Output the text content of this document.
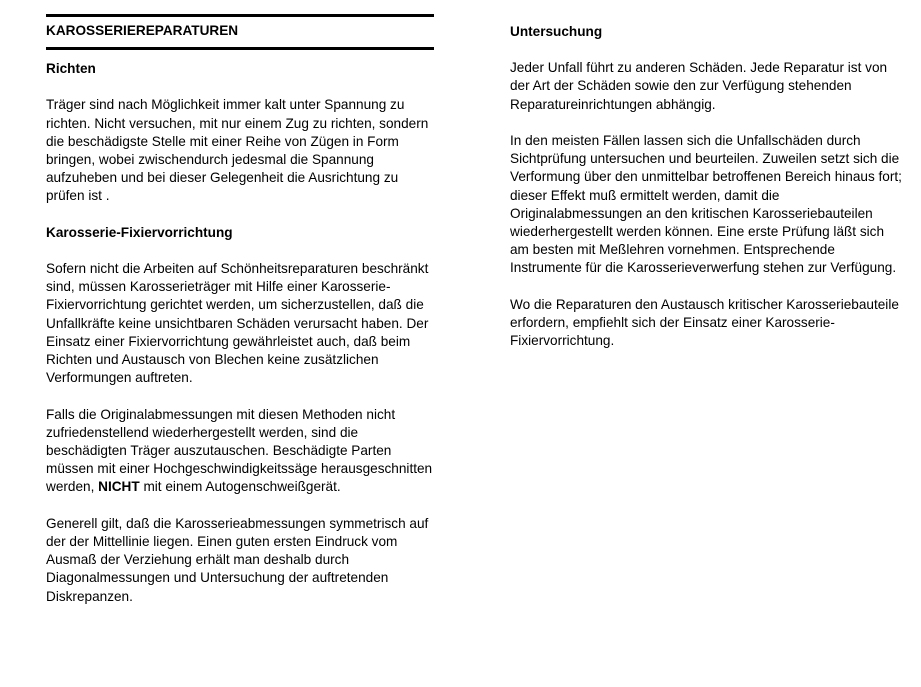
KAROSSERIEREPARATUREN
Richten

Träger sind nach Möglichkeit immer kalt unter Spannung zu richten. Nicht versuchen, mit nur einem Zug zu richten, sondern die beschädigste Stelle mit einer Reihe von Zügen in Form bringen, wobei zwischendurch jedesmal die Spannung aufzuheben und bei dieser Gelegenheit die Ausrichtung zu prüfen ist .

Karosserie-Fixiervorrichtung

Sofern nicht die Arbeiten auf Schönheitsreparaturen beschränkt sind, müssen Karosserieträger mit Hilfe einer Karosserie-Fixiervorrichtung gerichtet werden, um sicherzustellen, daß die Unfallkräfte keine unsichtbaren Schäden verursacht haben. Der Einsatz einer Fixiervorrichtung gewährleistet auch, daß beim Richten und Austausch von Blechen keine zusätzlichen Verformungen auftreten.

Falls die Originalabmessungen mit diesen Methoden nicht zufriedenstellend wiederhergestellt werden, sind die beschädigten Träger auszutauschen. Beschädigte Parten müssen mit einer Hochgeschwindigkeitssäge herausgeschnitten werden, NICHT mit einem Autogenschweißgerät.

Generell gilt, daß die Karosserieabmessungen symmetrisch auf der der Mittellinie liegen. Einen guten ersten Eindruck vom Ausmaß der Verziehung erhält man deshalb durch Diagonalmessungen und Untersuchung der auftretenden Diskrepanzen.

Untersuchung

Jeder Unfall führt zu anderen Schäden. Jede Reparatur ist von der Art der Schäden sowie den zur Verfügung stehenden Reparatureinrichtungen abhängig.

In den meisten Fällen lassen sich die Unfallschäden durch Sichtprüfung untersuchen und beurteilen. Zuweilen setzt sich die Verformung über den unmittelbar betroffenen Bereich hinaus fort; dieser Effekt muß ermittelt werden, damit die Originalabmessungen an den kritischen Karosseriebauteilen wiederhergestellt werden können. Eine erste Prüfung läßt sich am besten mit Meßlehren vornehmen. Entsprechende Instrumente für die Karosserieverwerfung stehen zur Verfügung.

Wo die Reparaturen den Austausch kritischer Karosseriebauteile erfordern, empfiehlt sich der Einsatz einer Karosserie-Fixiervorrichtung.
